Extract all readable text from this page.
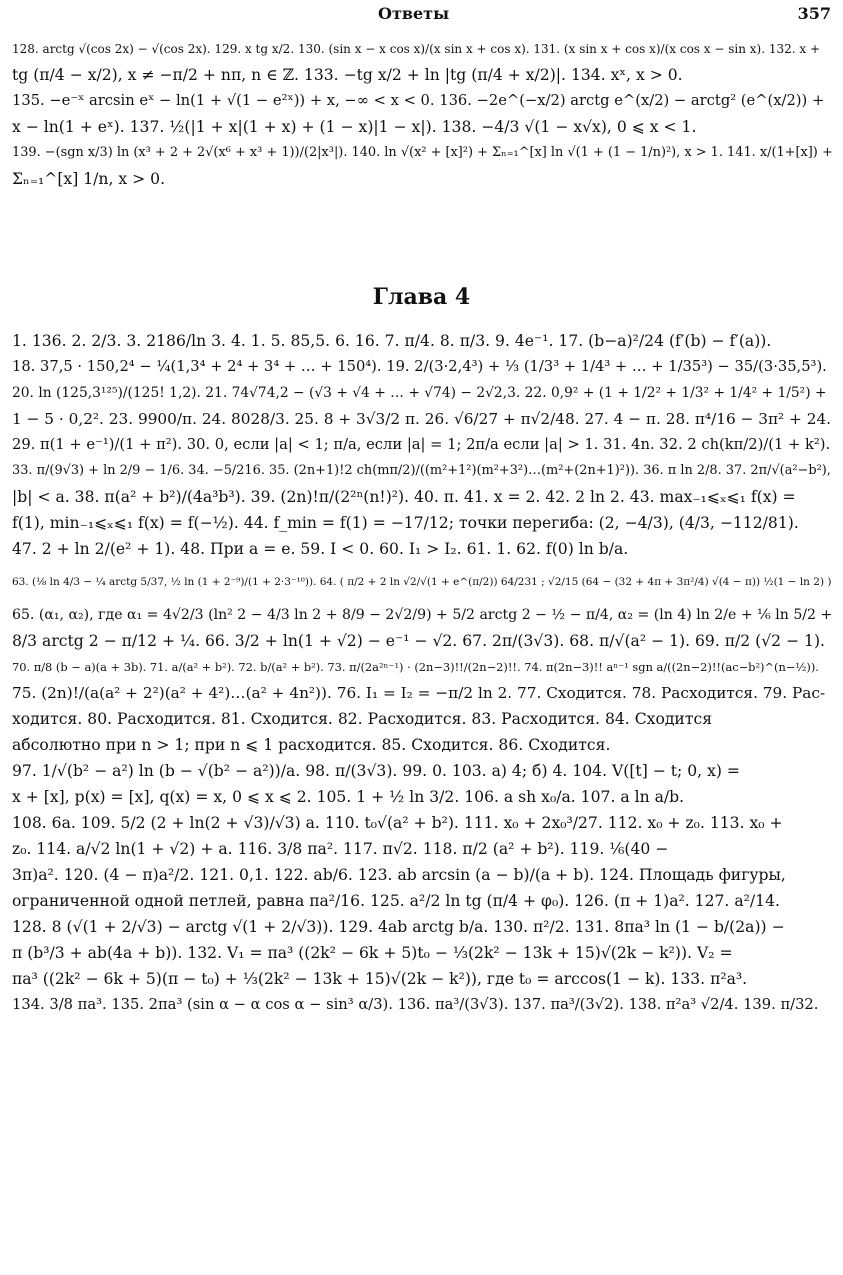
Ответы	357
128. arctg √(cos 2x) − √(cos 2x). 129. x tg x/2. 130. (sin x − x cos x)/(x sin x + cos x). 131. (x sin x + cos x)/(x cos x − sin x). 132. x +
tg (π/4 − x/2), x ≠ −π/2 + nπ, n ∈ ℤ. 133. −tg x/2 + ln |tg (π/4 + x/2)|. 134. xˣ, x > 0.
135. −e⁻ˣ arcsin eˣ − ln(1 + √(1 − e²ˣ)) + x, −∞ < x < 0. 136. −2e^(−x/2) arctg e^(x/2) − arctg² (e^(x/2)) +
x − ln(1 + eˣ). 137. ½(|1 + x|(1 + x) + (1 − x)|1 − x|). 138. −4/3 √(1 − x√x), 0 ⩽ x < 1.
139. −(sgn x/3) ln (x³ + 2 + 2√(x⁶ + x³ + 1))/(2|x³|). 140. ln √(x² + [x]²) + Σₙ₌₁^[x] ln √(1 + (1 − 1/n)²), x > 1. 141. x/(1+[x]) +
Σₙ₌₁^[x] 1/n, x > 0.
Глава 4
1. 136. 2. 2/3. 3. 2186/ln 3. 4. 1. 5. 85,5. 6. 16. 7. π/4. 8. π/3. 9. 4e⁻¹. 17. (b−a)²/24 (f′(b) − f′(a)).
18. 37,5 · 150,2⁴ − ¼(1,3⁴ + 2⁴ + 3⁴ + … + 150⁴). 19. 2/(3·2,4³) + ⅓ (1/3³ + 1/4³ + … + 1/35³) − 35/(3·35,5³).
20. ln (125,3¹²⁵)/(125! 1,2). 21. 74√74,2 − (√3 + √4 + … + √74) − 2√2,3. 22. 0,9² + (1 + 1/2² + 1/3² + 1/4² + 1/5²) +
1 − 5 · 0,2². 23. 9900/π. 24. 8028/3. 25. 8 + 3√3/2 π. 26. √6/27 + π√2/48. 27. 4 − π. 28. π⁴/16 − 3π² + 24.
29. π(1 + e⁻¹)/(1 + π²). 30. 0, если |a| < 1; π/a, если |a| = 1; 2π/a если |a| > 1. 31. 4n. 32. 2 ch(kπ/2)/(1 + k²).
33. π/(9√3) + ln 2/9 − 1/6. 34. −5/216. 35. (2n+1)!2 ch(mπ/2)/((m²+1²)(m²+3²)…(m²+(2n+1)²)). 36. π ln 2/8. 37. 2π/√(a²−b²),
|b| < a. 38. π(a² + b²)/(4a³b³). 39. (2n)!π/(2²ⁿ(n!)²). 40. π. 41. x = 2. 42. 2 ln 2. 43. max₋₁⩽ₓ⩽₁ f(x) =
f(1), min₋₁⩽ₓ⩽₁ f(x) = f(−½). 44. f_min = f(1) = −17/12; точки перегиба: (2, −4/3), (4/3, −112/81).
47. 2 + ln 2/(e² + 1). 48. При a = e. 59. I < 0. 60. I₁ > I₂. 61. 1. 62. f(0) ln b/a.
63. (⅛ ln 4/3 − ¼ arctg 5/37, ½ ln (1 + 2⁻⁹)/(1 + 2·3⁻¹⁰)). 64. ( π/2 + 2 ln √2/√(1 + e^(π/2)) 64/231 ; √2/15 (64 − (32 + 4π + 3π²/4) √(4 − π)) ½(1 − ln 2) )
65. (α₁, α₂), где α₁ = 4√2/3 (ln² 2 − 4/3 ln 2 + 8/9 − 2√2/9) + 5/2 arctg 2 − ½ − π/4, α₂ = (ln 4) ln 2/e + ⅙ ln 5/2 +
8/3 arctg 2 − π/12 + ¼. 66. 3/2 + ln(1 + √2) − e⁻¹ − √2. 67. 2π/(3√3). 68. π/√(a² − 1). 69. π/2 (√2 − 1).
70. π/8 (b − a)(a + 3b). 71. a/(a² + b²). 72. b/(a² + b²). 73. π/(2a²ⁿ⁻¹) · (2n−3)!!/(2n−2)!!. 74. π(2n−3)!! aⁿ⁻¹ sgn a/((2n−2)!!(ac−b²)^(n−½)).
75. (2n)!/(a(a² + 2²)(a² + 4²)…(a² + 4n²)). 76. I₁ = I₂ = −π/2 ln 2. 77. Сходится. 78. Расходится. 79. Рас-
ходится. 80. Расходится. 81. Сходится. 82. Расходится. 83. Расходится. 84. Сходится
абсолютно при n > 1; при n ⩽ 1 расходится. 85. Сходится. 86. Сходится.
97. 1/√(b² − a²) ln (b − √(b² − a²))/a. 98. π/(3√3). 99. 0. 103. а) 4; б) 4. 104. V([t] − t; 0, x) =
x + [x], p(x) = [x], q(x) = x, 0 ⩽ x ⩽ 2. 105. 1 + ½ ln 3/2. 106. a sh x₀/a. 107. a ln a/b.
108. 6a. 109. 5/2 (2 + ln(2 + √3)/√3) a. 110. t₀√(a² + b²). 111. x₀ + 2x₀³/27. 112. x₀ + z₀. 113. x₀ +
z₀. 114. a/√2 ln(1 + √2) + a. 116. 3/8 πa². 117. π√2. 118. π/2 (a² + b²). 119. ⅙(40 −
3π)a². 120. (4 − π)a²/2. 121. 0,1. 122. ab/6. 123. ab arcsin (a − b)/(a + b). 124. Площадь фигуры,
ограниченной одной петлей, равна πa²/16. 125. a²/2 ln tg (π/4 + φ₀). 126. (π + 1)a². 127. a²/14.
128. 8 (√(1 + 2/√3) − arctg √(1 + 2/√3)). 129. 4ab arctg b/a. 130. π²/2. 131. 8πa³ ln (1 − b/(2a)) −
π (b³/3 + ab(4a + b)). 132. V₁ = πa³ ((2k² − 6k + 5)t₀ − ⅓(2k² − 13k + 15)√(2k − k²)). V₂ =
πa³ ((2k² − 6k + 5)(π − t₀) + ⅓(2k² − 13k + 15)√(2k − k²)), где t₀ = arccos(1 − k). 133. π²a³.
134. 3/8 πa³. 135. 2πa³ (sin α − α cos α − sin³ α/3). 136. πa³/(3√3). 137. πa³/(3√2). 138. π²a³ √2/4. 139. π/32.
